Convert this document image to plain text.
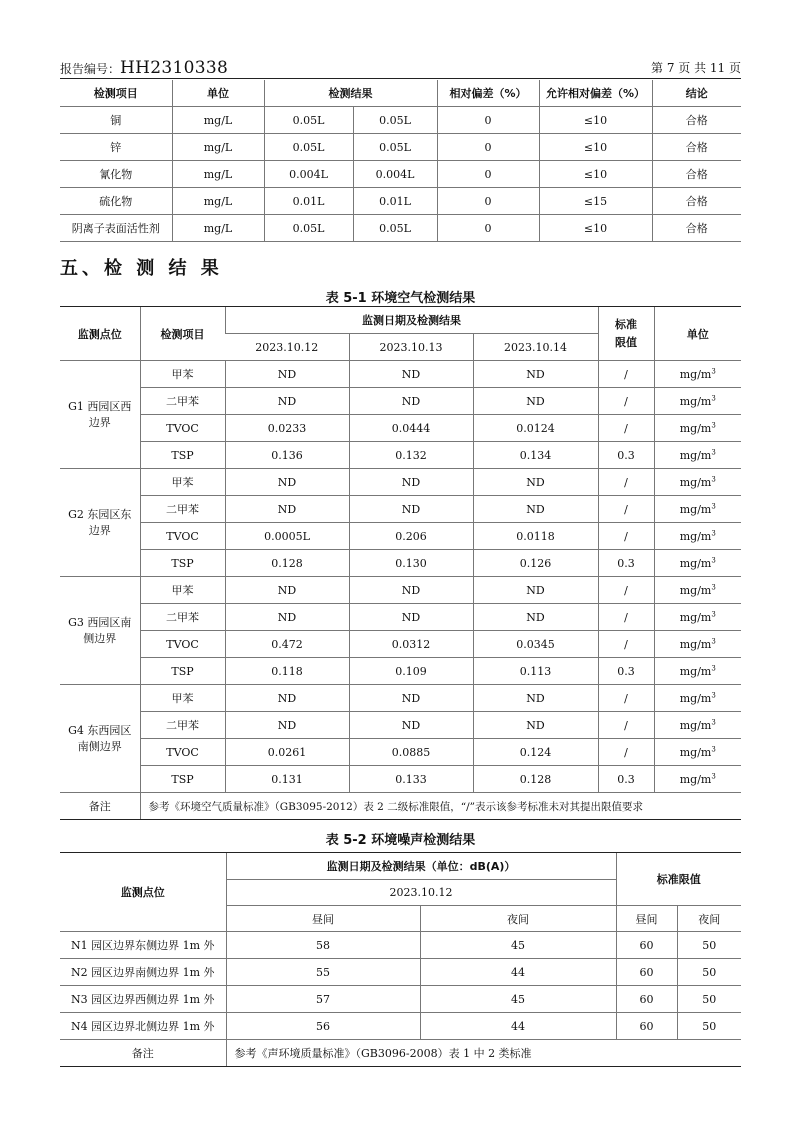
报告编号：HH2310338	第 7 页 共 11 页
检测项目	单位	检测结果		相对偏差（%）	允许相对偏差（%）	结论
铜	mg/L	0.05L	0.05L	0	≤10	合格
锌	mg/L	0.05L	0.05L	0	≤10	合格
氰化物	mg/L	0.004L	0.004L	0	≤10	合格
硫化物	mg/L	0.01L	0.01L	0	≤15	合格
阴离子表面活性剂	mg/L	0.05L	0.05L	0	≤10	合格
五、检 测 结 果
表 5-1 环境空气检测结果
监测点位	检测项目	监测日期及检测结果			标准限值	单位
		2023.10.12	2023.10.13	2023.10.14		
G1 西园区西边界	甲苯	ND	ND	ND	/	$mg/m^3$
	二甲苯	ND	ND	ND	/	$mg/m^3$
	TVOC	0.0233	0.0444	0.0124	/	$mg/m^3$
	TSP	0.136	0.132	0.134	0.3	$mg/m^3$
G2 东园区东边界	甲苯	ND	ND	ND	/	$mg/m^3$
	二甲苯	ND	ND	ND	/	$mg/m^3$
	TVOC	0.0005L	0.206	0.0118	/	$mg/m^3$
	TSP	0.128	0.130	0.126	0.3	$mg/m^3$
G3 西园区南侧边界	甲苯	ND	ND	ND	/	$mg/m^3$
	二甲苯	ND	ND	ND	/	$mg/m^3$
	TVOC	0.472	0.0312	0.0345	/	$mg/m^3$
	TSP	0.118	0.109	0.113	0.3	$mg/m^3$
G4 东西园区南侧边界	甲苯	ND	ND	ND	/	$mg/m^3$
	二甲苯	ND	ND	ND	/	$mg/m^3$
	TVOC	0.0261	0.0885	0.124	/	$mg/m^3$
	TSP	0.131	0.133	0.128	0.3	$mg/m^3$
备注	参考《环境空气质量标准》（GB3095-2012）表 2 二级标准限值，“/”表示该参考标准未对其提出限值要求					
表 5-2 环境噪声检测结果
监测点位	监测日期及检测结果（单位：dB(A)）		标准限值	
	2023.10.12			
	昼间	夜间	昼间	夜间
N1 园区边界东侧边界 1m 外	58	45	60	50
N2 园区边界南侧边界 1m 外	55	44	60	50
N3 园区边界西侧边界 1m 外	57	45	60	50
N4 园区边界北侧边界 1m 外	56	44	60	50
备注	参考《声环境质量标准》（GB3096-2008）表 1 中 2 类标准			
